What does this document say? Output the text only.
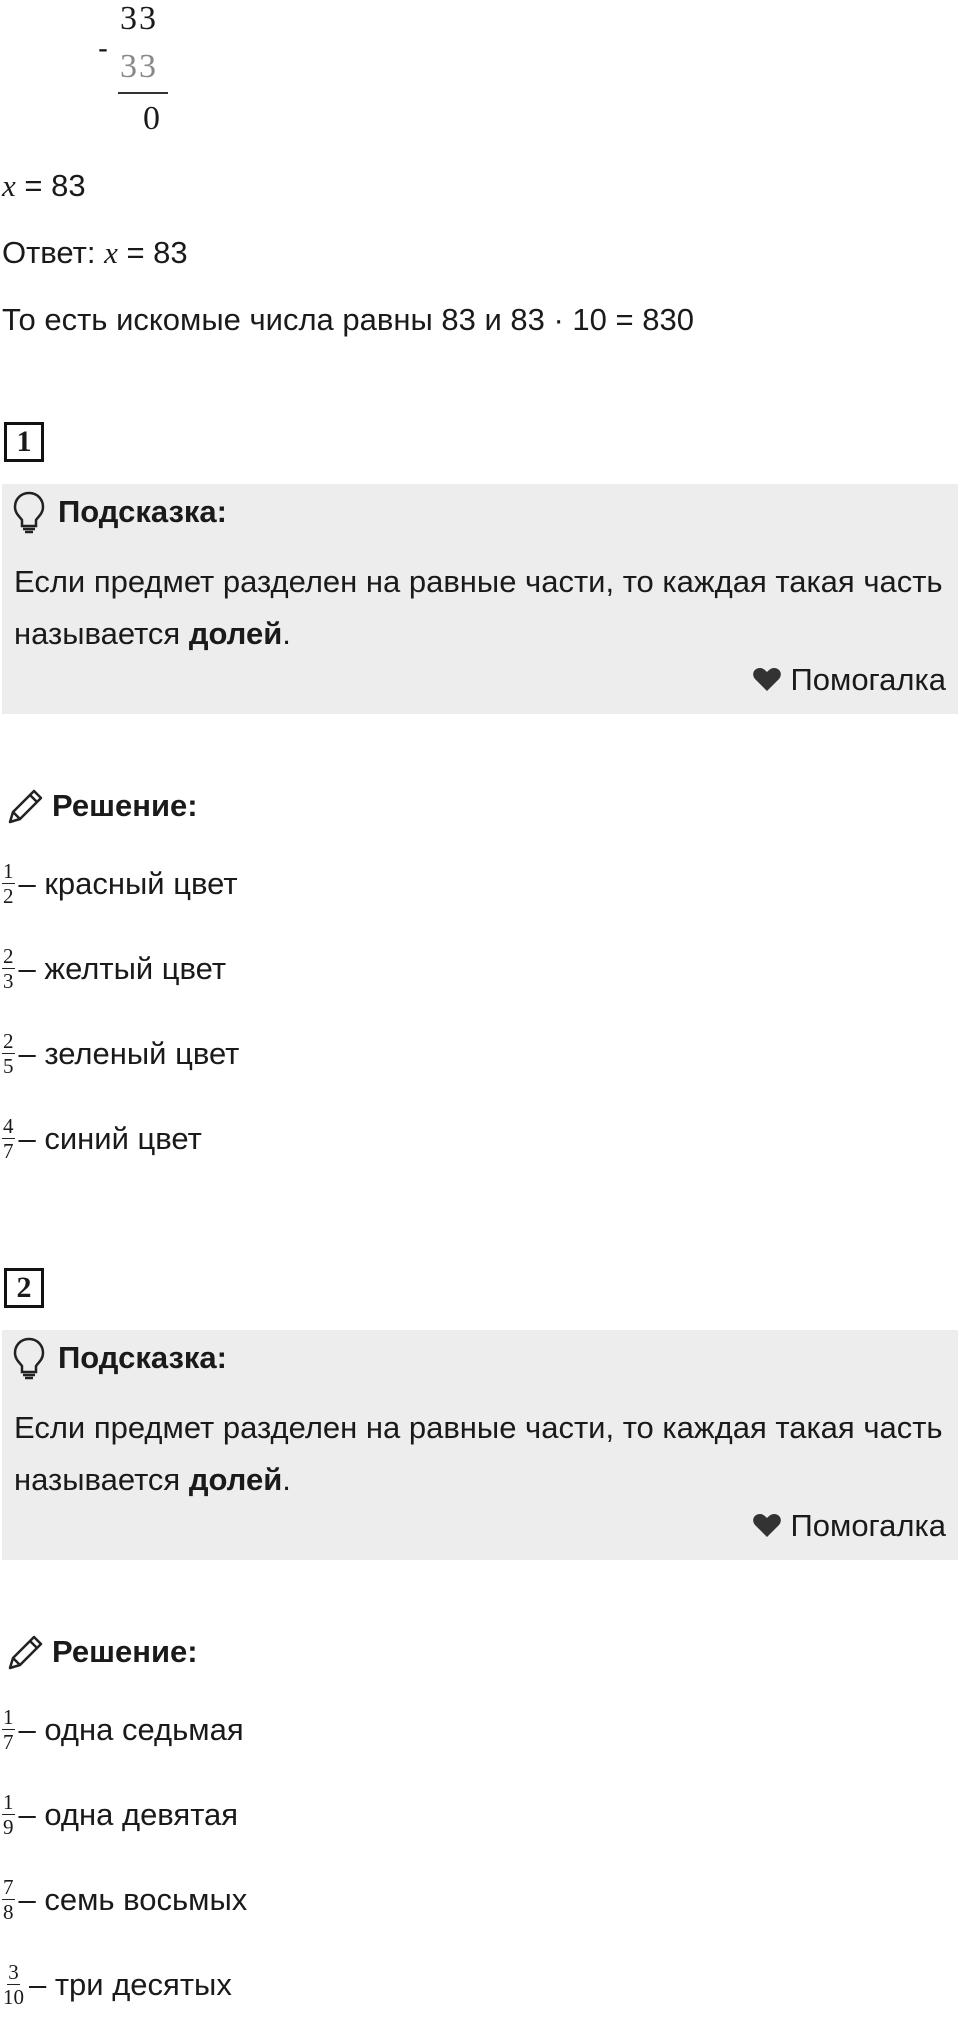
33
- 33
0
x = 83
Ответ: x = 83
То есть искомые числа равны 83 и 83 · 10 = 830
1
Подсказка:
Если предмет разделен на равные части, то каждая такая часть называется долей.
Помогалка
Решение:
$\frac{1}{2}$ – красный цвет
$\frac{2}{3}$ – желтый цвет
$\frac{2}{5}$ – зеленый цвет
$\frac{4}{7}$ – синий цвет
2
Подсказка:
Если предмет разделен на равные части, то каждая такая часть называется долей.
Помогалка
Решение:
$\frac{1}{7}$ – одна седьмая
$\frac{1}{9}$ – одна девятая
$\frac{7}{8}$ – семь восьмых
$\frac{3}{10}$ – три десятых
